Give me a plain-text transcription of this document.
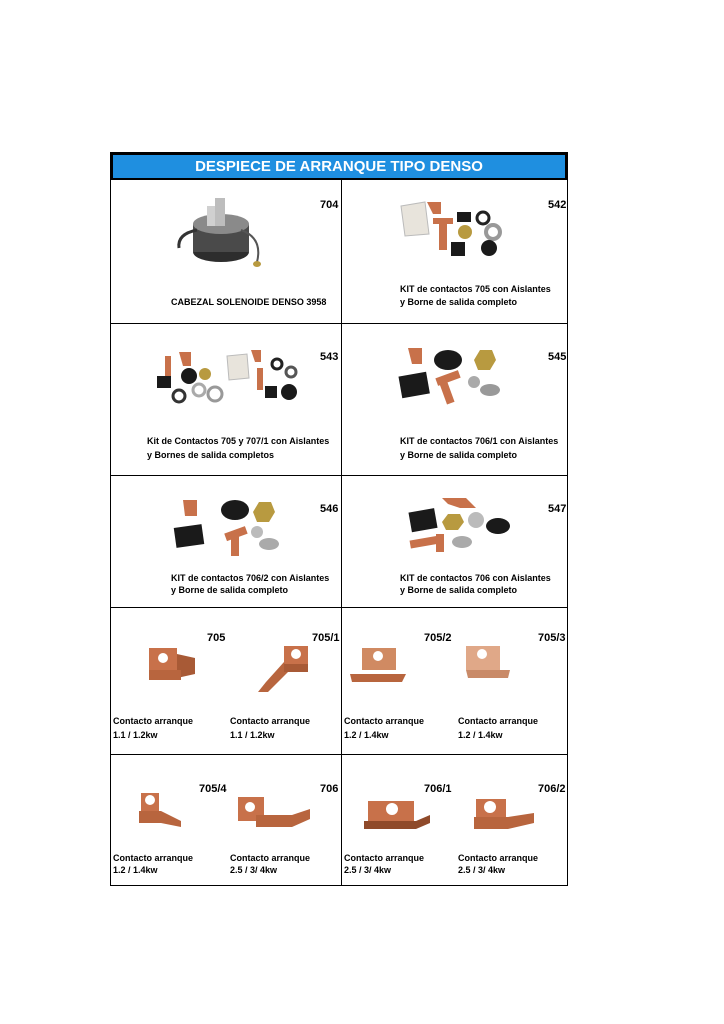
DESPIECE DE ARRANQUE TIPO DENSO
704
CABEZAL SOLENOIDE DENSO 3958
542
KIT de contactos 705 con Aislantes
y Borne de salida completo
543
Kit de Contactos 705 y 707/1 con Aislantes
y Bornes de salida completos
545
KIT de contactos 706/1 con Aislantes
y Borne de salida completo
546
KIT de contactos 706/2 con Aislantes
y Borne de salida completo
547
KIT de contactos 706 con Aislantes
y Borne de salida completo
705
Contacto arranque
1.1 / 1.2kw
705/1
Contacto arranque
1.1 / 1.2kw
705/2
Contacto arranque
1.2 / 1.4kw
705/3
Contacto arranque
1.2 / 1.4kw
705/4
Contacto arranque
1.2 / 1.4kw
706
Contacto arranque
2.5 / 3/ 4kw
706/1
Contacto arranque
2.5 / 3/ 4kw
706/2
Contacto arranque
2.5 / 3/ 4kw
